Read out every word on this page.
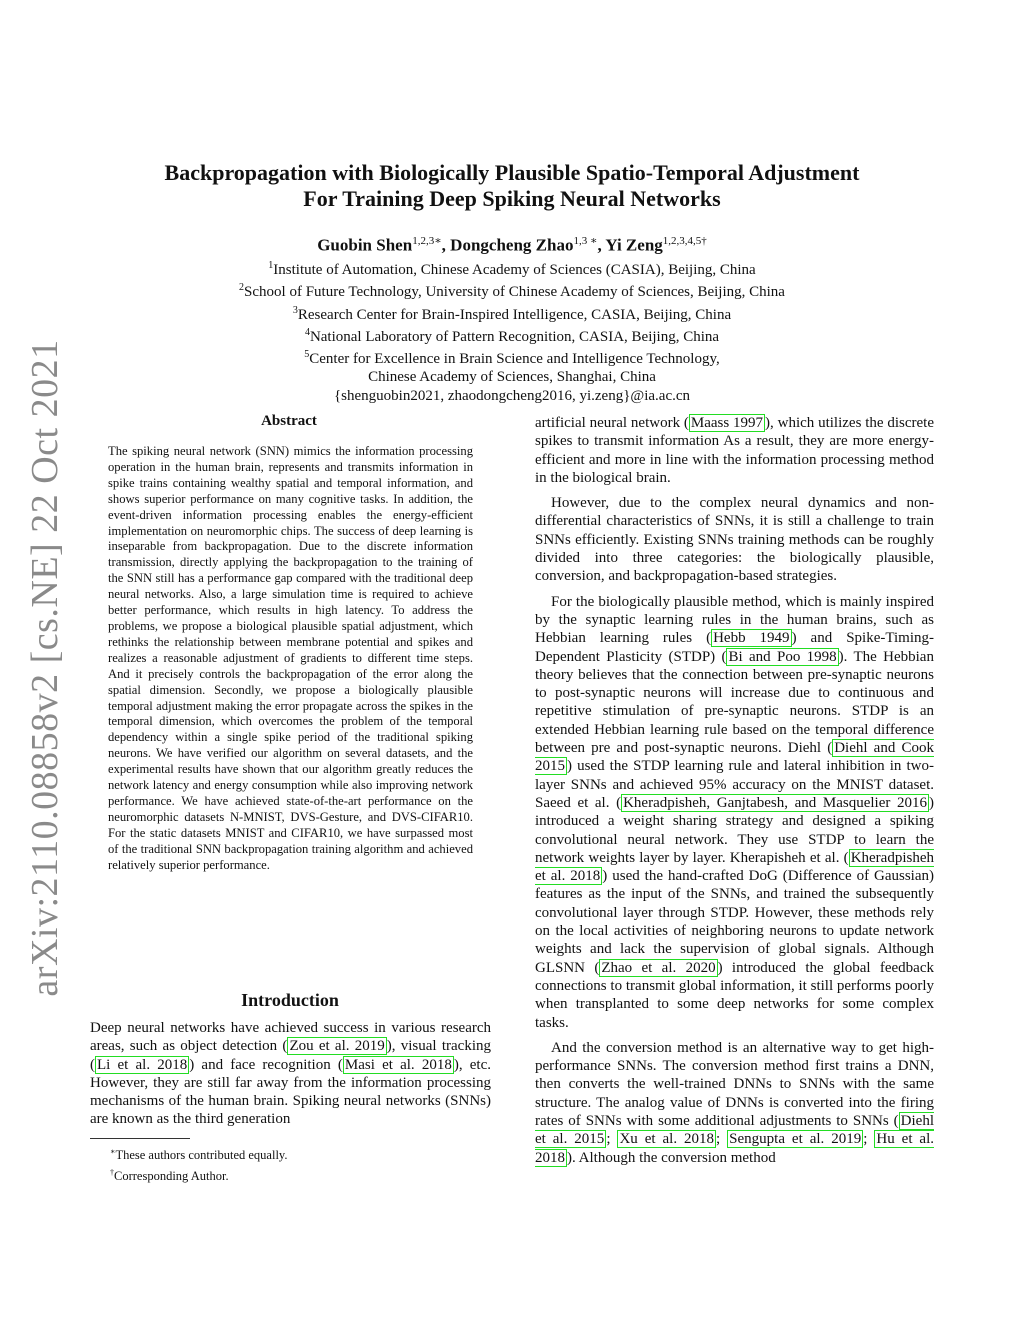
arXiv:2110.08858v2 [cs.NE] 22 Oct 2021
Backpropagation with Biologically Plausible Spatio-Temporal Adjustment
For Training Deep Spiking Neural Networks
Guobin Shen$^{1,2,3∗}$, Dongcheng Zhao$^{1,3 ∗}$, Yi Zeng$^{1,2,3,4,5\dagger}$
$^1$Institute of Automation, Chinese Academy of Sciences (CASIA), Beijing, China
$^2$School of Future Technology, University of Chinese Academy of Sciences, Beijing, China
$^3$Research Center for Brain-Inspired Intelligence, CASIA, Beijing, China
$^4$National Laboratory of Pattern Recognition, CASIA, Beijing, China
$^5$Center for Excellence in Brain Science and Intelligence Technology,
Chinese Academy of Sciences, Shanghai, China
{shenguobin2021, zhaodongcheng2016, yi.zeng}@ia.ac.cn
Abstract
The spiking neural network (SNN) mimics the information processing operation in the human brain, represents and transmits information in spike trains containing wealthy spatial and temporal information, and shows superior performance on many cognitive tasks. In addition, the event-driven information processing enables the energy-efficient implementation on neuromorphic chips. The success of deep learning is inseparable from backpropagation. Due to the discrete information transmission, directly applying the backpropagation to the training of the SNN still has a performance gap compared with the traditional deep neural networks. Also, a large simulation time is required to achieve better performance, which results in high latency. To address the problems, we propose a biological plausible spatial adjustment, which rethinks the relationship between membrane potential and spikes and realizes a reasonable adjustment of gradients to different time steps. And it precisely controls the backpropagation of the error along the spatial dimension. Secondly, we propose a biologically plausible temporal adjustment making the error propagate across the spikes in the temporal dimension, which overcomes the problem of the temporal dependency within a single spike period of the traditional spiking neurons. We have verified our algorithm on several datasets, and the experimental results have shown that our algorithm greatly reduces the network latency and energy consumption while also improving network performance. We have achieved state-of-the-art performance on the neuromorphic datasets N-MNIST, DVS-Gesture, and DVS-CIFAR10. For the static datasets MNIST and CIFAR10, we have surpassed most of the traditional SNN backpropagation training algorithm and achieved relatively superior performance.
Introduction

Deep neural networks have achieved success in various research areas, such as object detection ( Zou et al. 2019 ), visual tracking ( Li et al. 2018 ) and face recognition ( Masi et al. 2018 ), etc. However, they are still far away from the information processing mechanisms of the human brain. Spiking neural networks (SNNs) are known as the third generation

∗These authors contributed equally.
†Corresponding Author.

artificial neural network ( Maass 1997 ), which utilizes the discrete spikes to transmit information As a result, they are more energy-efficient and more in line with the information processing method in the biological brain.

However, due to the complex neural dynamics and non-differential characteristics of SNNs, it is still a challenge to train SNNs efficiently. Existing SNNs training methods can be roughly divided into three categories: the biologically plausible, conversion, and backpropagation-based strategies.

For the biologically plausible method, which is mainly inspired by the synaptic learning rules in the human brains, such as Hebbian learning rules ( Hebb 1949 ) and Spike-Timing-Dependent Plasticity (STDP) ( Bi and Poo 1998 ). The Hebbian theory believes that the connection between pre-synaptic neurons to post-synaptic neurons will increase due to continuous and repetitive stimulation of pre-synaptic neurons. STDP is an extended Hebbian learning rule based on the temporal difference between pre and post-synaptic neurons. Diehl ( Diehl and Cook 2015 ) used the STDP learning rule and lateral inhibition in two-layer SNNs and achieved 95% accuracy on the MNIST dataset. Saeed et al. ( Kheradpisheh, Ganjtabesh, and Masquelier 2016 ) introduced a weight sharing strategy and designed a spiking convolutional neural network. They use STDP to learn the network weights layer by layer. Kherapisheh et al. ( Kheradpisheh et al. 2018 ) used the hand-crafted DoG (Difference of Gaussian) features as the input of the SNNs, and trained the subsequently convolutional layer through STDP. However, these methods rely on the local activities of neighboring neurons to update network weights and lack the supervision of global signals. Although GLSNN ( Zhao et al. 2020 ) introduced the global feedback connections to transmit global information, it still performs poorly when transplanted to some deep networks for some complex tasks.

And the conversion method is an alternative way to get high-performance SNNs. The conversion method first trains a DNN, then converts the well-trained DNNs to SNNs with the same structure. The analog value of DNNs is converted into the firing rates of SNNs with some additional adjustments to SNNs ( Diehl et al. 2015 ; Xu et al. 2018 ; Sengupta et al. 2019 ; Hu et al. 2018 ). Although the conversion method
